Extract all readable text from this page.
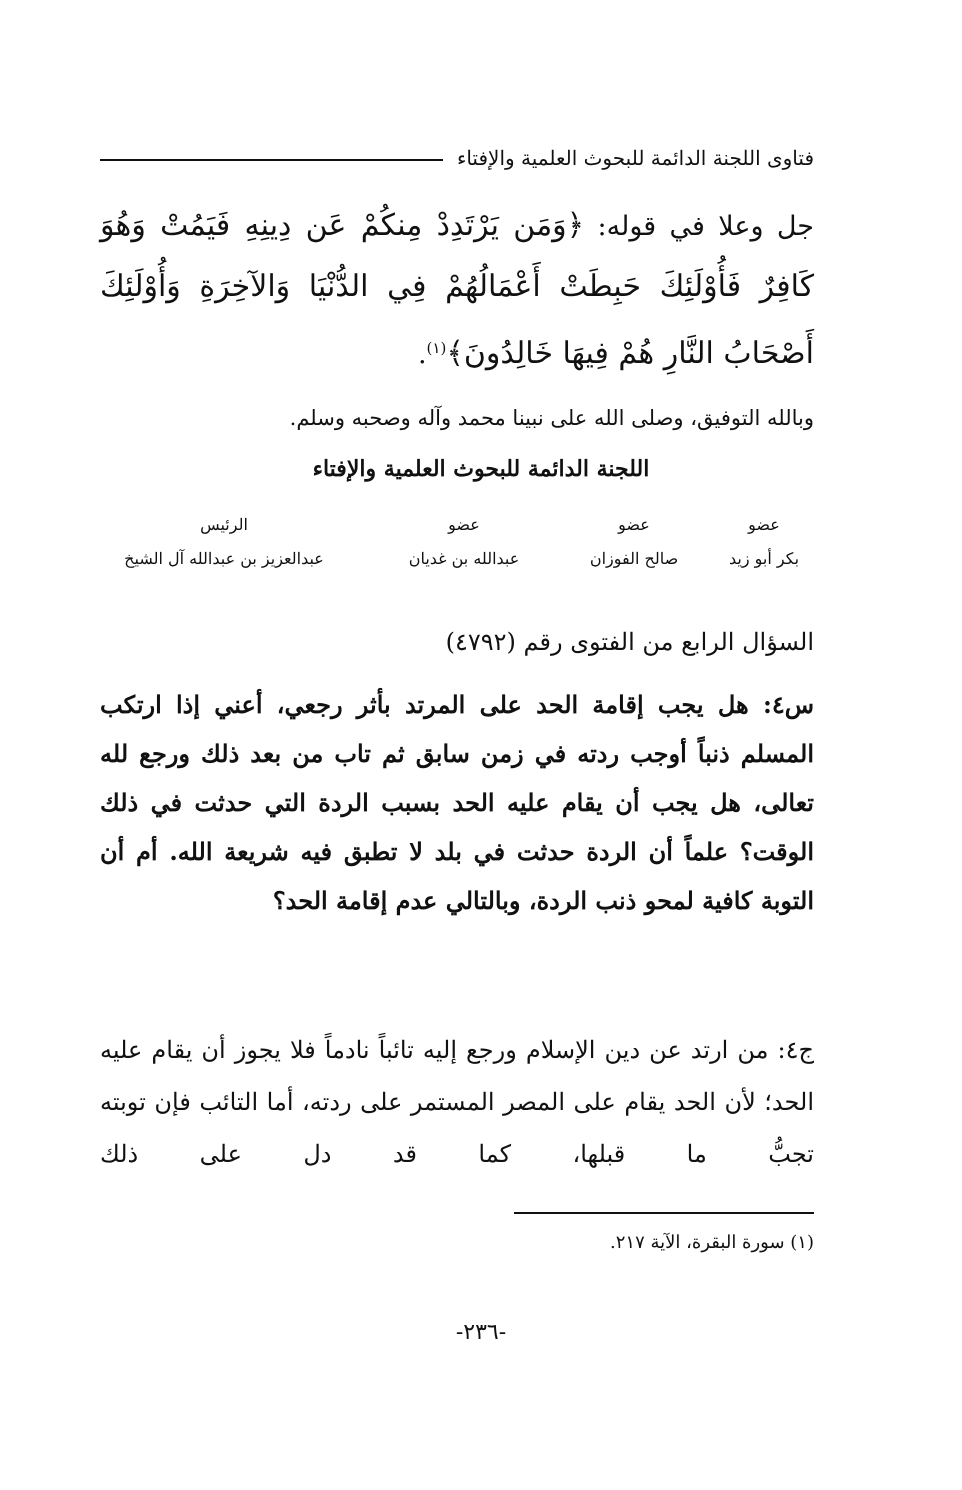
فتاوى اللجنة الدائمة للبحوث العلمية والإفتاء
جل وعلا في قوله: ﴿وَمَن يَرْتَدِدْ مِنكُمْ عَن دِينِهِ فَيَمُتْ وَهُوَ كَافِرٌ فَأُوْلَئِكَ حَبِطَتْ أَعْمَالُهُمْ فِي الدُّنْيَا وَالآخِرَةِ وَأُوْلَئِكَ أَصْحَابُ النَّارِ هُمْ فِيهَا خَالِدُونَ﴾$^{(١)}$.
وبالله التوفيق، وصلى الله على نبينا محمد وآله وصحبه وسلم.
اللجنة الدائمة للبحوث العلمية والإفتاء
عضو
بكر أبو زيد
عضو
صالح الفوزان
عضو
عبدالله بن غديان
الرئيس
عبدالعزيز بن عبدالله آل الشيخ
السؤال الرابع من الفتوى رقم (٤٧٩٢)
س٤: هل يجب إقامة الحد على المرتد بأثر رجعي، أعني إذا ارتكب المسلم ذنباً أوجب ردته في زمن سابق ثم تاب من بعد ذلك ورجع لله تعالى، هل يجب أن يقام عليه الحد بسبب الردة التي حدثت في ذلك الوقت؟ علماً أن الردة حدثت في بلد لا تطبق فيه شريعة الله. أم أن التوبة كافية لمحو ذنب الردة، وبالتالي عدم إقامة الحد؟
ج٤: من ارتد عن دين الإسلام ورجع إليه تائباً نادماً فلا يجوز أن يقام عليه الحد؛ لأن الحد يقام على المصر المستمر على ردته، أما التائب فإن توبته تجبُّ ما قبلها، كما قد دل على ذلك
(١) سورة البقرة، الآية ٢١٧.
-٢٣٦-
